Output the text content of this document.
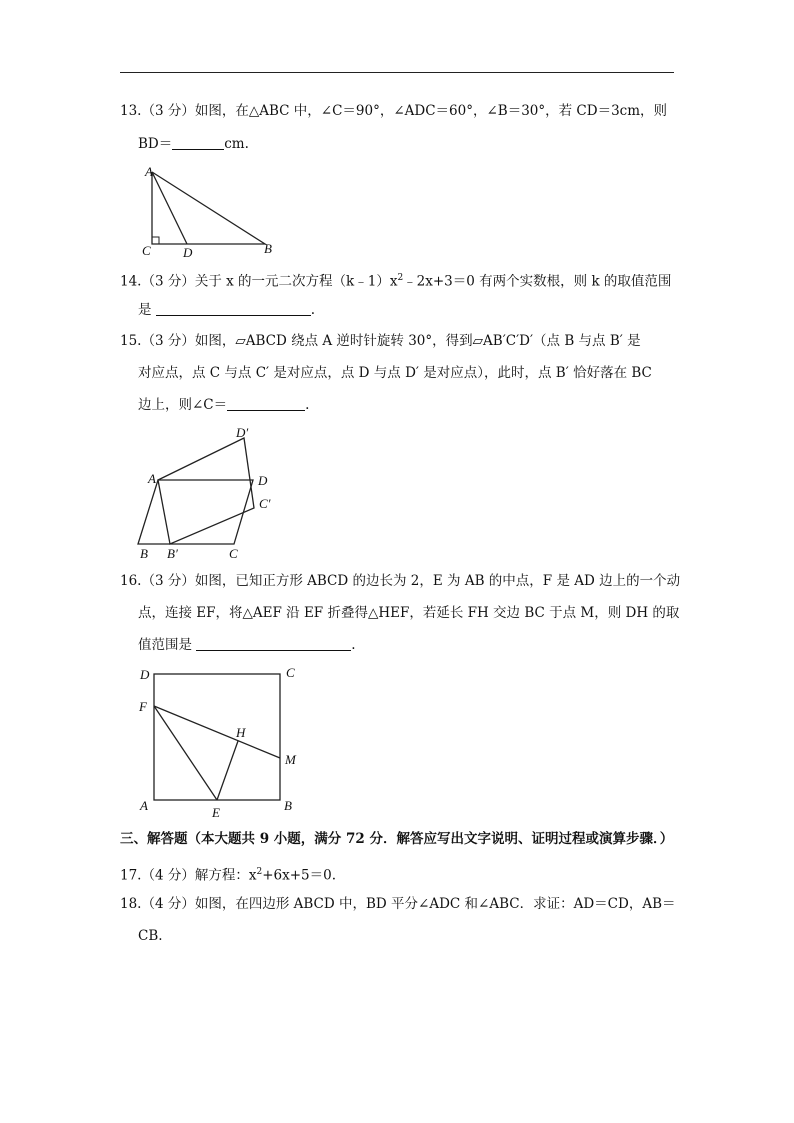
13.（3 分）如图，在△ABC 中，∠C＝90°，∠ADC＝60°，∠B＝30°，若 CD＝3cm，则
BD＝	cm.
A
C D	B
14.（3 分）关于 x 的一元二次方程$(k﹣1)x^2﹣2x+3=0$ 有两个实数根，则 k 的取值范围
是	.
15.（3 分）如图，▱ABCD 绕点 A 逆时针旋转 30°，得到▱AB′C′D′（点 B 与点 B′ 是
对应点，点 C 与点 C′ 是对应点，点 D 与点 D′ 是对应点），此时，点 B′ 恰好落在 BC
边上，则∠C＝	.
A	D
D′
C′
B B′	C
16.（3 分）如图，已知正方形 ABCD 的边长为 2，E 为 AB 的中点，F 是 AD 边上的一个动
点，连接 EF，将△AEF 沿 EF 折叠得△HEF，若延长 FH 交边 BC 于点 M，则 DH 的取
值范围是	.
D	C
F
H
M
A	E	B
三、解答题（本大题共 9 小题，满分 72 分．解答应写出文字说明、证明过程或演算步骤．）
17.（4 分）解方程：$x^2+6x+5=0$.
18.（4 分）如图，在四边形 ABCD 中，BD 平分∠ADC 和∠ABC．求证：AD＝CD，AB＝
CB.
